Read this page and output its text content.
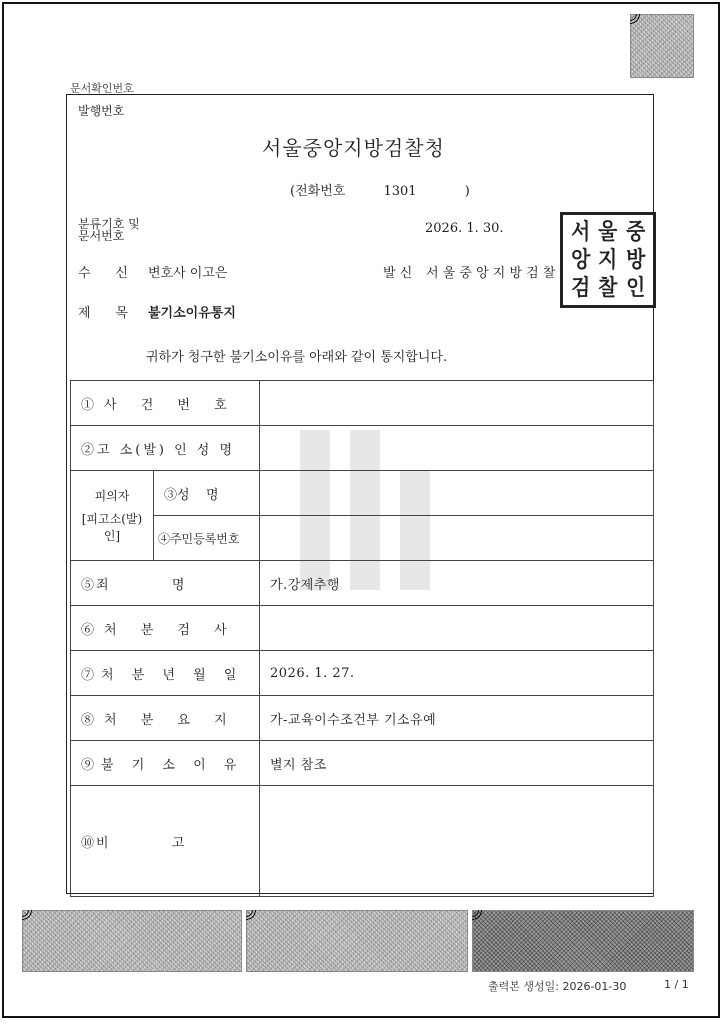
문서확인번호
발행번호
서울중앙지방검찰청
(전화번호	1301	)
분류기호 및
문서번호	2026. 1. 30.
수      신 변호사 이고은	발 신 서 울 중 앙 지 방 검 찰
제      목 불기소이유통지
귀하가 청구한 불기소이유를 아래와 같이 통지합니다.
서 울 중
앙 지 방
검 찰 인
①사 건 번 호		
②고 소(발) 인 성 명		

피의자
[피고소(발)인]	③성    명	
	④주민등록번호	
⑤죄          명		가.강제추행
⑥처 분 검 사		
⑦처 분 년 월 일		2026. 1. 27.
⑧처 분 요 지		가-교육이수조건부 기소유예
⑨불 기 소 이 유		별지 참조
⑩비          고		
출력본 생성일: 2026-01-30	1 / 1
